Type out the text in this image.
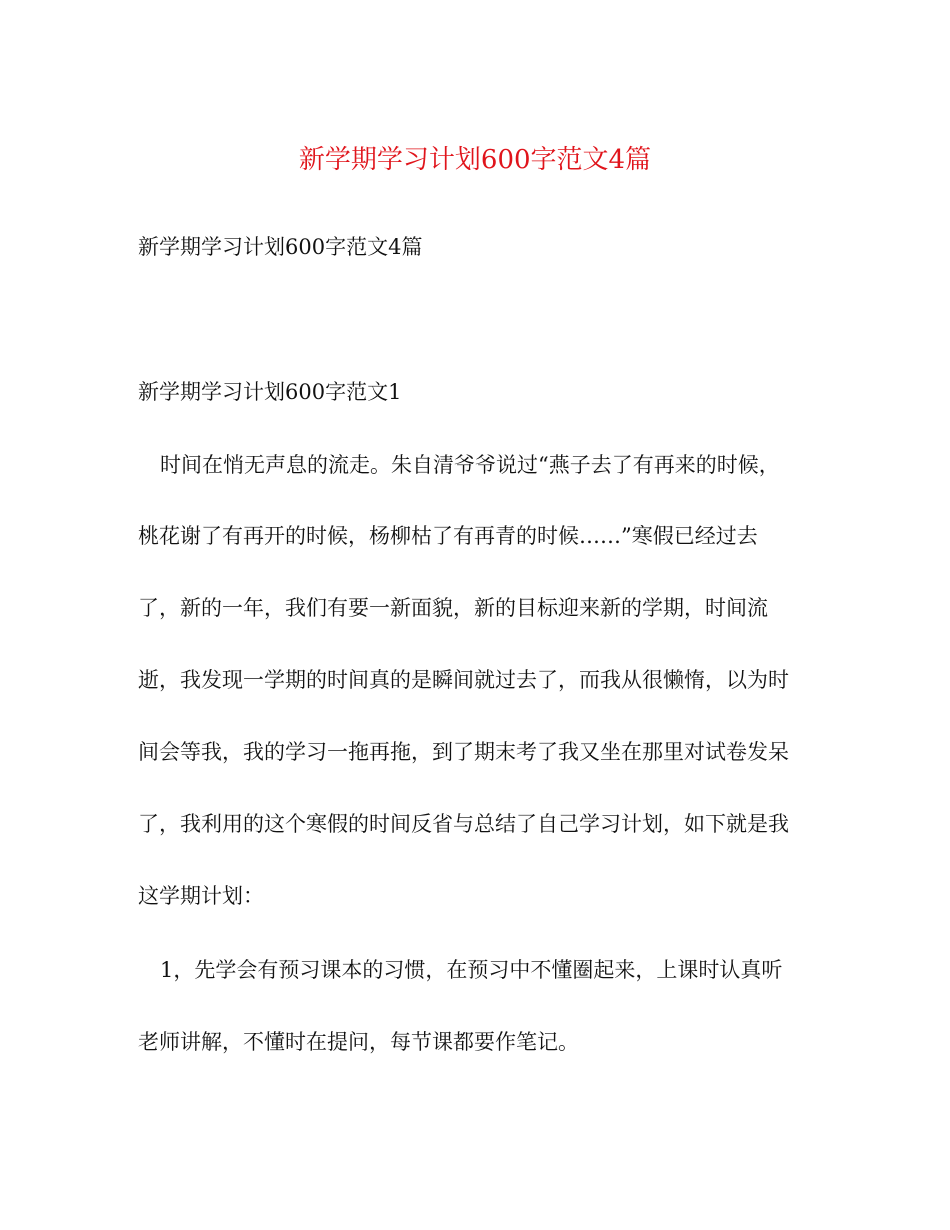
新学期学习计划600字范文4篇
新学期学习计划600字范文4篇
新学期学习计划600字范文1
时间在悄无声息的流走。朱自清爷爷说过“燕子去了有再来的时候，
桃花谢了有再开的时候，杨柳枯了有再青的时候……”寒假已经过去
了，新的一年，我们有要一新面貌，新的目标迎来新的学期，时间流
逝，我发现一学期的时间真的是瞬间就过去了，而我从很懒惰，以为时
间会等我，我的学习一拖再拖，到了期末考了我又坐在那里对试卷发呆
了，我利用的这个寒假的时间反省与总结了自己学习计划，如下就是我
这学期计划：
1，先学会有预习课本的习惯，在预习中不懂圈起来，上课时认真听
老师讲解，不懂时在提问，每节课都要作笔记。
